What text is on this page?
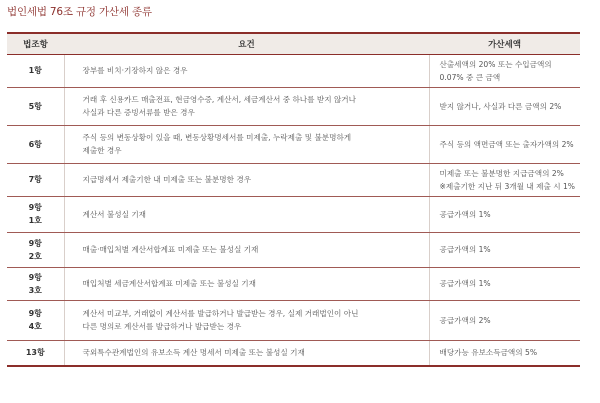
법인세법 76조 규정 가산세 종류
법조항	요건	가산세액

1항	장부를 비치·기장하지 않은 경우	산출세액의 20% 또는 수입금액의
0.07% 중 큰 금액

5항	거래 후 신용카드 매출전표, 현금영수증, 계산서, 세금계산서 중 하나를 받지 않거나
사실과 다른 증빙서류를 받은 경우	받지 않거나, 사실과 다른 금액의 2%

6항	주식 등의 변동상황이 있을 때, 변동상황명세서를 미제출, 누락제출 및 불분명하게
제출한 경우	주식 등의 액면금액 또는 출자가액의 2%

7항	지급명세서 제출기한 내 미제출 또는 불분명한 경우	미제출 또는 불분명한 지급금액의 2%
※제출기한 지난 뒤 3개월 내 제출 시 1%

9항
1호	계산서 불성실 기재	공급가액의 1%

9항
2호	매출·매입처별 계산서합계표 미제출 또는 불성실 기재	공급가액의 1%

9항
3호	매입처별 세금계산서합계표 미제출 또는 불성실 기재	공급가액의 1%

9항
4호	계산서 미교부, 거래없이 계산서를 발급하거나 발급받는 경우, 실제 거래법인이 아닌
다른 명의로 계산서를 발급하거나 발급받는 경우	공급가액의 2%

13항	국외특수관계법인의 유보소득 계산 명세서 미제출 또는 불성실 기재	배당가능 유보소득금액의 5%
